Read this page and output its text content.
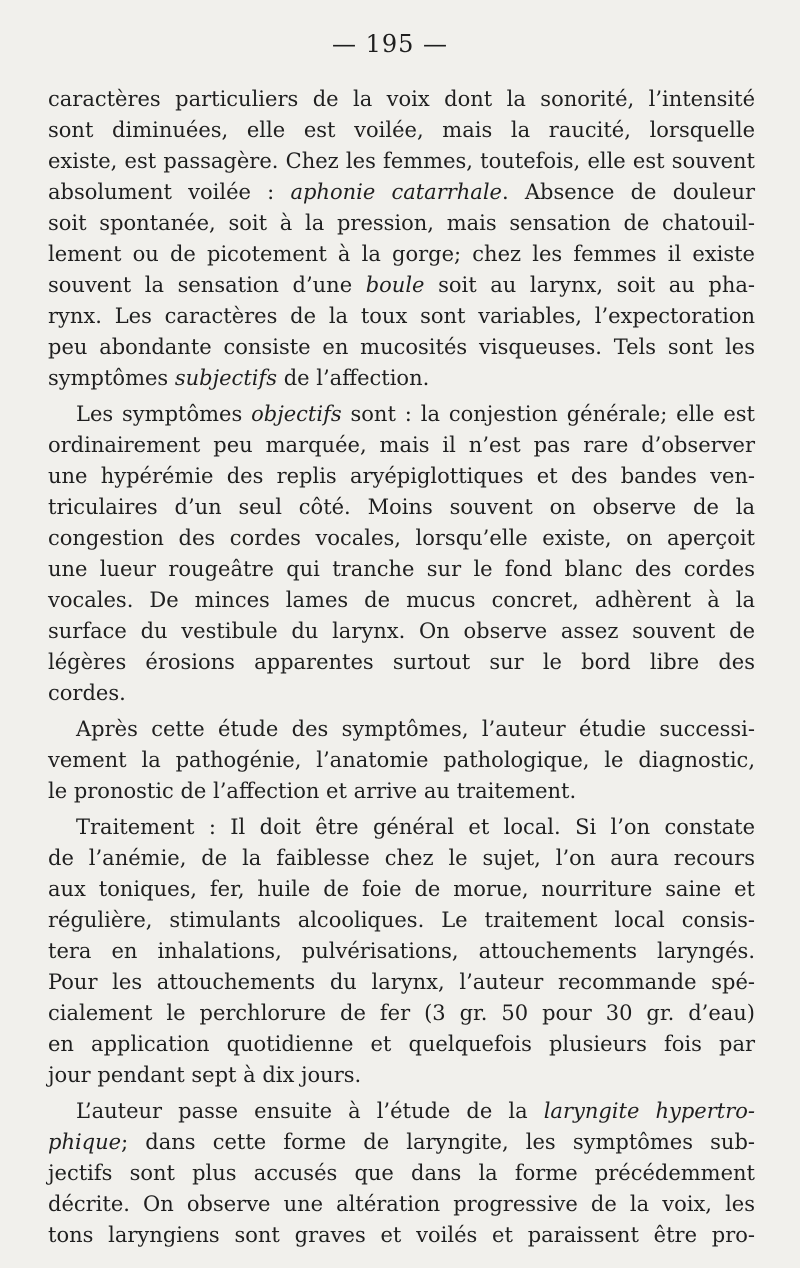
— 195 —
caractères particuliers de la voix dont la sonorité, l’intensité
sont diminuées, elle est voilée, mais la raucité, lorsquelle
existe, est passagère. Chez les femmes, toutefois, elle est souvent
absolument voilée : aphonie catarrhale. Absence de douleur
soit spontanée, soit à la pression, mais sensation de chatouil-
lement ou de picotement à la gorge; chez les femmes il existe
souvent la sensation d’une boule soit au larynx, soit au pha-
rynx. Les caractères de la toux sont variables, l’expectoration
peu abondante consiste en mucosités visqueuses. Tels sont les
symptômes subjectifs de l’affection.
Les symptômes objectifs sont : la conjestion générale; elle est
ordinairement peu marquée, mais il n’est pas rare d’observer
une hypérémie des replis aryépiglottiques et des bandes ven-
triculaires d’un seul côté. Moins souvent on observe de la
congestion des cordes vocales, lorsqu’elle existe, on aperçoit
une lueur rougeâtre qui tranche sur le fond blanc des cordes
vocales. De minces lames de mucus concret, adhèrent à la
surface du vestibule du larynx. On observe assez souvent de
légères érosions apparentes surtout sur le bord libre des
cordes.
Après cette étude des symptômes, l’auteur étudie successi-
vement la pathogénie, l’anatomie pathologique, le diagnostic,
le pronostic de l’affection et arrive au traitement.
Traitement : Il doit être général et local. Si l’on constate
de l’anémie, de la faiblesse chez le sujet, l’on aura recours
aux toniques, fer, huile de foie de morue, nourriture saine et
régulière, stimulants alcooliques. Le traitement local consis-
tera en inhalations, pulvérisations, attouchements laryngés.
Pour les attouchements du larynx, l’auteur recommande spé-
cialement le perchlorure de fer (3 gr. 50 pour 30 gr. d’eau)
en application quotidienne et quelquefois plusieurs fois par
jour pendant sept à dix jours.
L’auteur passe ensuite à l’étude de la laryngite hypertro-
phique; dans cette forme de laryngite, les symptômes sub-
jectifs sont plus accusés que dans la forme précédemment
décrite. On observe une altération progressive de la voix, les
tons laryngiens sont graves et voilés et paraissent être pro-
